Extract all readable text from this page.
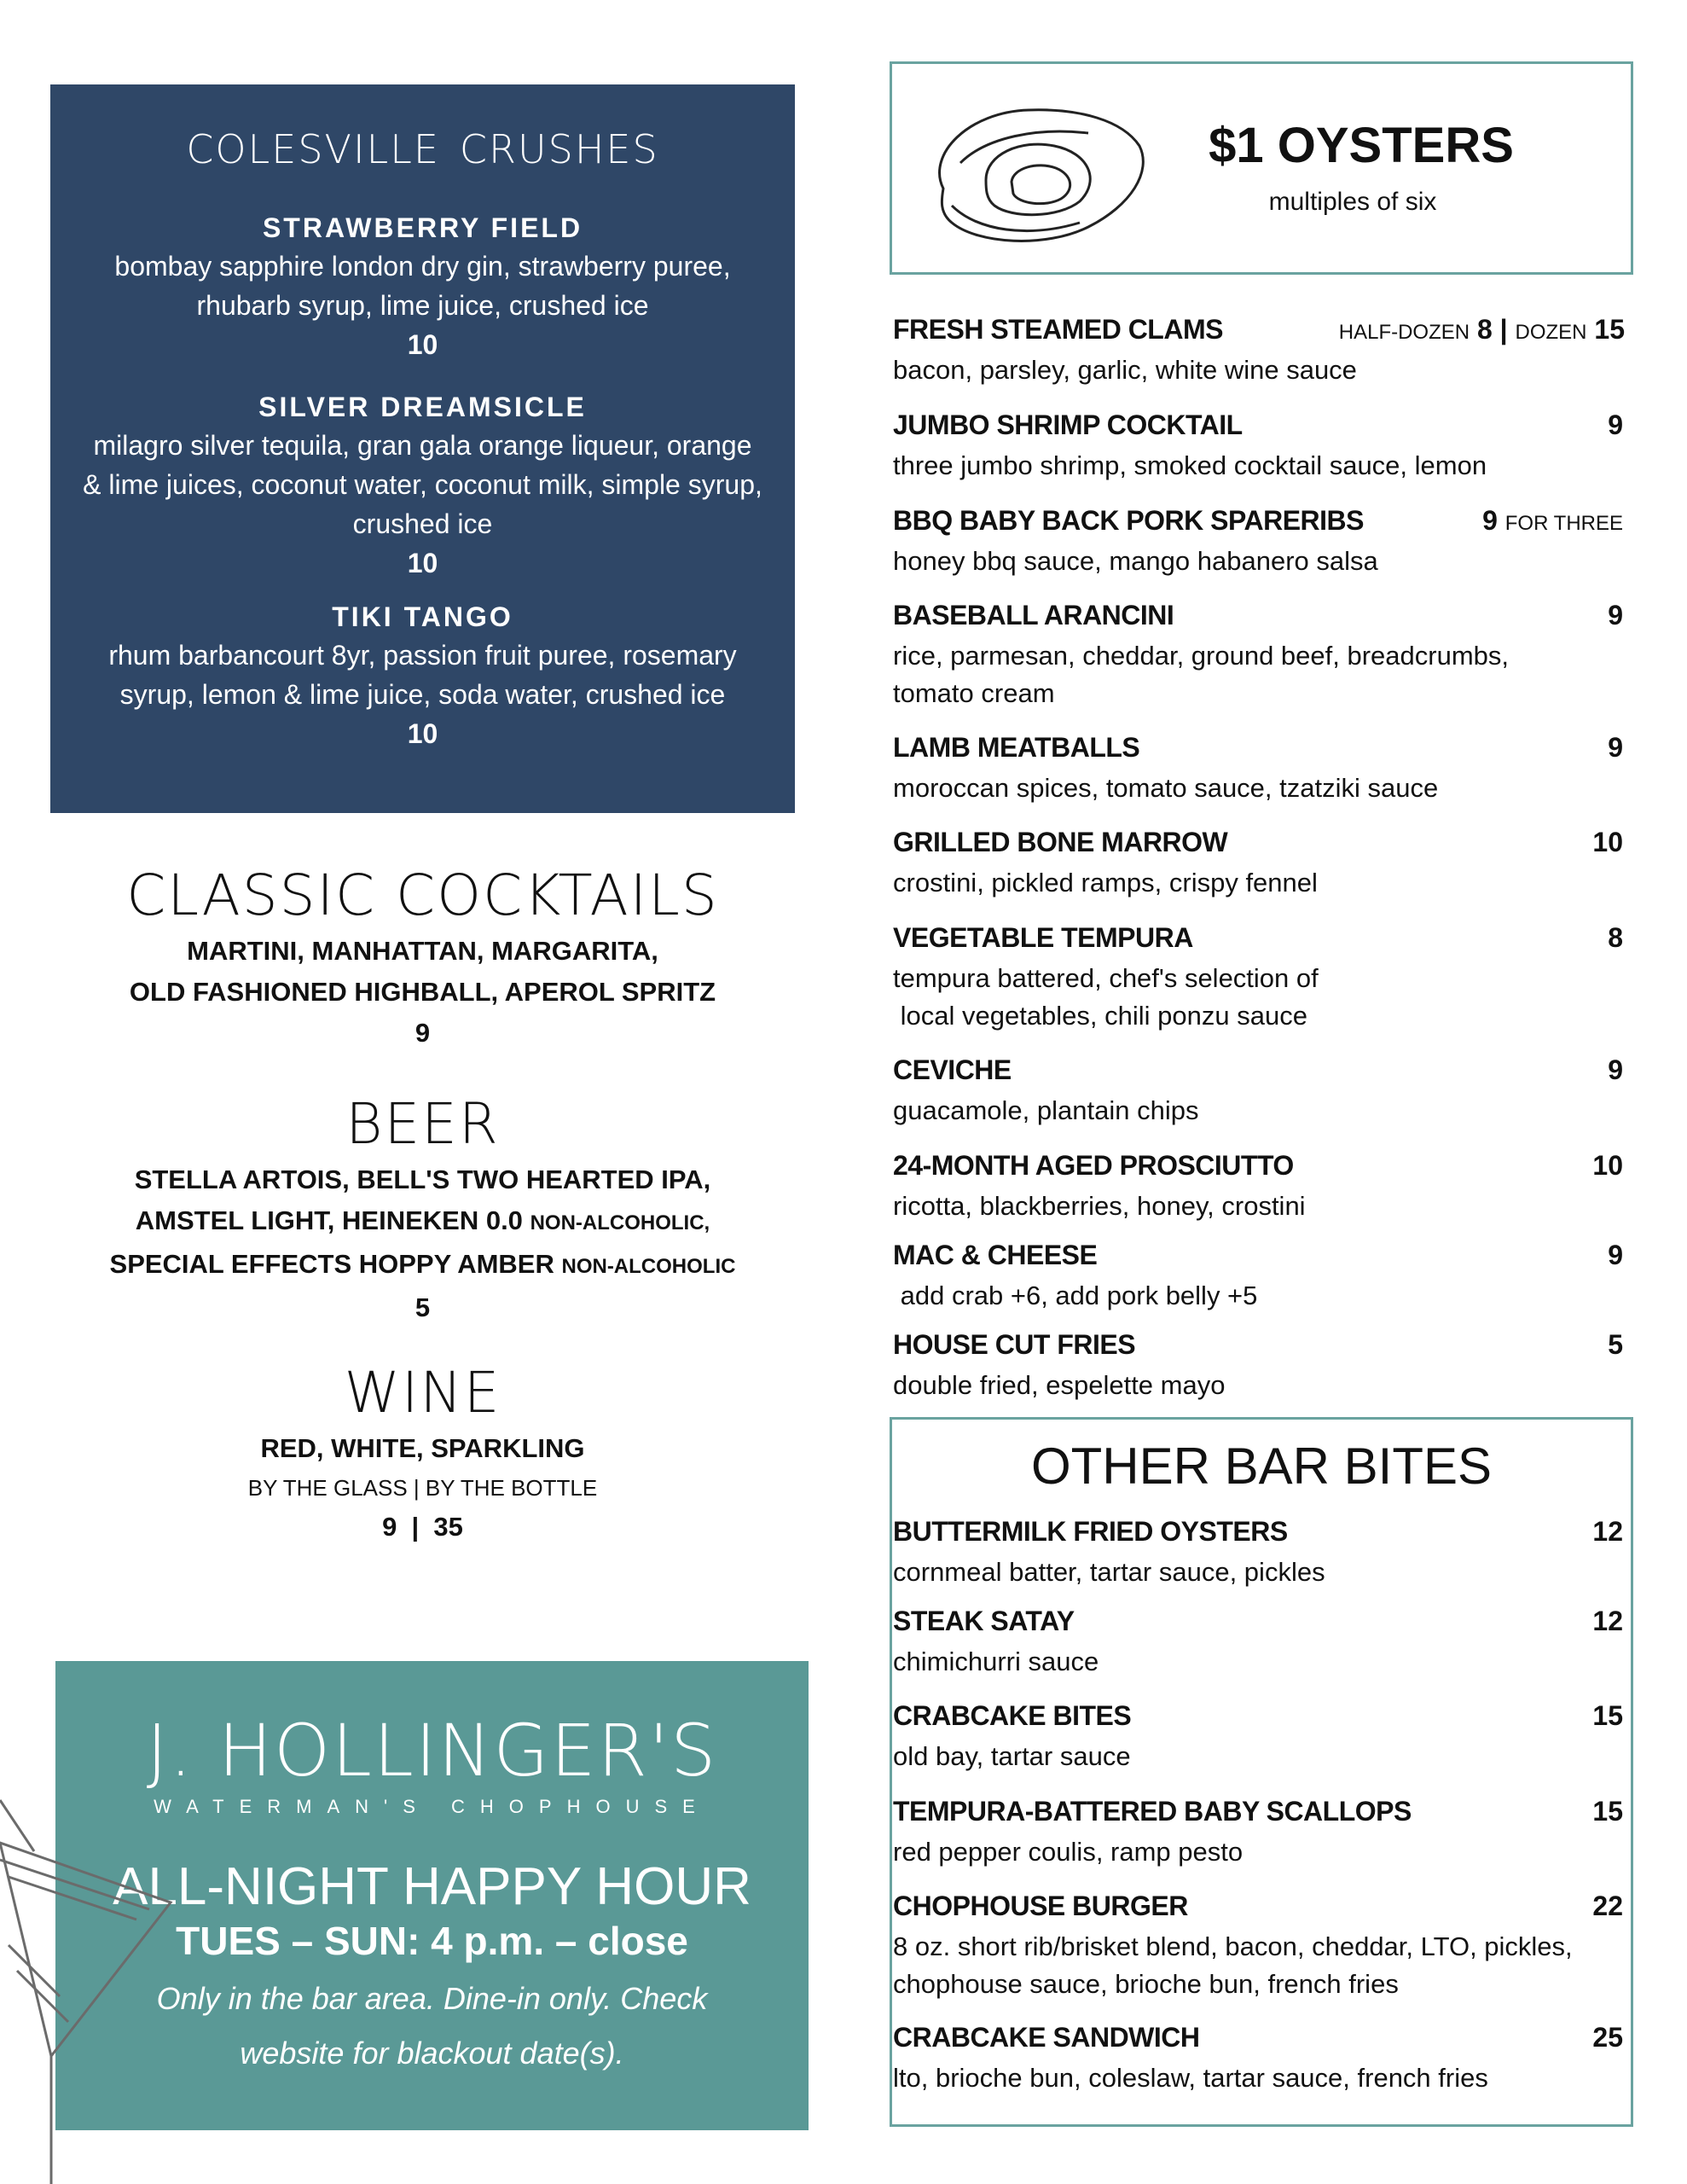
colesville crushes
STRAWBERRY FIELD
bombay sapphire london dry gin, strawberry puree, rhubarb syrup, lime juice, crushed ice
10
SILVER DREAMSICLE
milagro silver tequila, gran gala orange liqueur, orange & lime juices, coconut water, coconut milk, simple syrup, crushed ice
10
TIKI TANGO
rhum barbancourt 8yr, passion fruit puree, rosemary syrup, lemon & lime juice, soda water, crushed ice
10
CLASSIC COCKTAILS
MARTINI, MANHATTAN, MARGARITA,
OLD FASHIONED HIGHBALL, APEROL SPRITZ
9
BEER
STELLA ARTOIS, BELL'S TWO HEARTED IPA,
AMSTEL LIGHT, HEINEKEN 0.0 NON-ALCOHOLIC,
SPECIAL EFFECTS HOPPY AMBER NON-ALCOHOLIC
5
WINE
RED, WHITE, SPARKLING
BY THE GLASS | BY THE BOTTLE
9  |  35
J. HOLLINGER'S
WATERMAN'S CHOPHOUSE
ALL-NIGHT HAPPY HOUR
TUES – SUN: 4 p.m. – close
Only in the bar area. Dine-in only. Check
website for blackout date(s).
$1 OYSTERS
multiples of six
FRESH STEAMED CLAMS	HALF-DOZEN 8 | DOZEN 15
bacon, parsley, garlic, white wine sauce
JUMBO SHRIMP COCKTAIL	9
three jumbo shrimp, smoked cocktail sauce, lemon
BBQ BABY BACK PORK SPARERIBS	9 FOR THREE
honey bbq sauce, mango habanero salsa
BASEBALL ARANCINI	9
rice, parmesan, cheddar, ground beef, breadcrumbs,
tomato cream
LAMB MEATBALLS	9
moroccan spices, tomato sauce, tzatziki sauce
GRILLED BONE MARROW	10
crostini, pickled ramps, crispy fennel
VEGETABLE TEMPURA	8
tempura battered, chef's selection of
local vegetables, chili ponzu sauce
CEVICHE	9
guacamole, plantain chips
24-MONTH AGED PROSCIUTTO	10
ricotta, blackberries, honey, crostini
MAC & CHEESE	9
add crab +6, add pork belly +5
HOUSE CUT FRIES	5
double fried, espelette mayo
OTHER BAR BITES
BUTTERMILK FRIED OYSTERS	12
cornmeal batter, tartar sauce, pickles
STEAK SATAY	12
chimichurri sauce
CRABCAKE BITES	15
old bay, tartar sauce
TEMPURA-BATTERED BABY SCALLOPS	15
red pepper coulis, ramp pesto
CHOPHOUSE BURGER	22
8 oz. short rib/brisket blend, bacon, cheddar, LTO, pickles,
chophouse sauce, brioche bun, french fries
CRABCAKE SANDWICH	25
lto, brioche bun, coleslaw, tartar sauce, french fries
